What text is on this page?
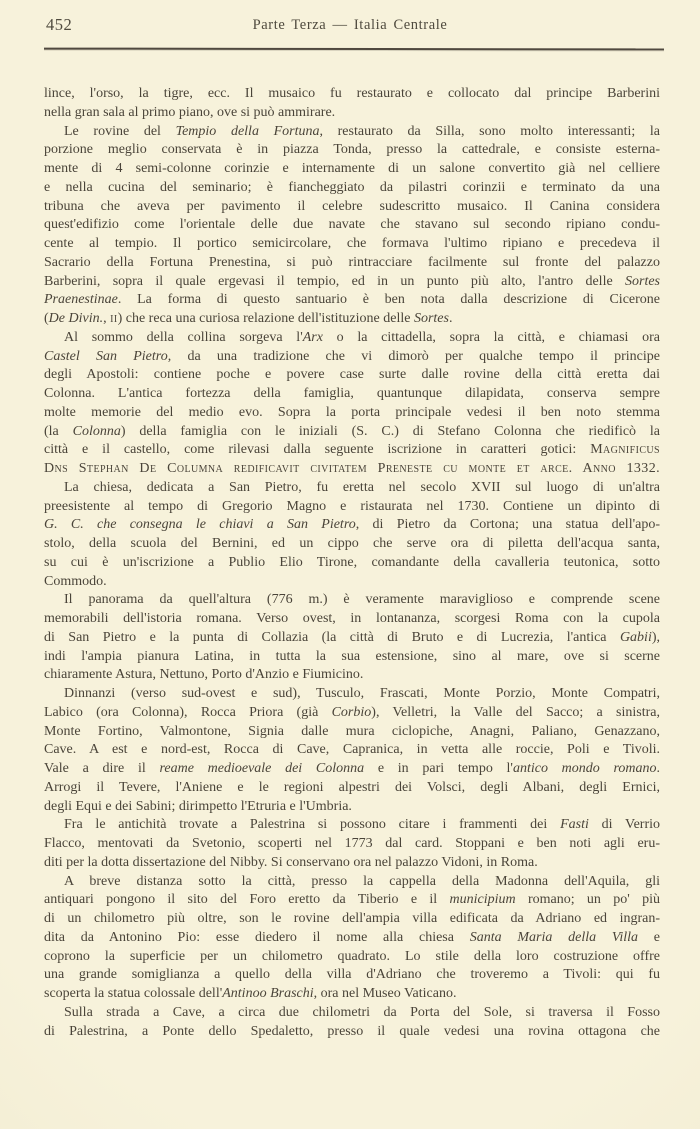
452	Parte Terza — Italia Centrale
lince, l'orso, la tigre, ecc. Il musaico fu restaurato e collocato dal principe Barberini
nella gran sala al primo piano, ove si può ammirare.
Le rovine del Tempio della Fortuna, restaurato da Silla, sono molto interessanti; la
porzione meglio conservata è in piazza Tonda, presso la cattedrale, e consiste esterna-
mente di 4 semi-colonne corinzie e internamente di un salone convertito già nel celliere
e nella cucina del seminario; è fiancheggiato da pilastri corinzii e terminato da una
tribuna che aveva per pavimento il celebre sudescritto musaico. Il Canina considera
quest'edifizio come l'orientale delle due navate che stavano sul secondo ripiano condu-
cente al tempio. Il portico semicircolare, che formava l'ultimo ripiano e precedeva il
Sacrario della Fortuna Prenestina, si può rintracciare facilmente sul fronte del palazzo
Barberini, sopra il quale ergevasi il tempio, ed in un punto più alto, l'antro delle Sortes
Praenestinae. La forma di questo santuario è ben nota dalla descrizione di Cicerone
(De Divin., ii) che reca una curiosa relazione dell'istituzione delle Sortes.
Al sommo della collina sorgeva l'Arx o la cittadella, sopra la città, e chiamasi ora
Castel San Pietro, da una tradizione che vi dimorò per qualche tempo il principe
degli Apostoli: contiene poche e povere case surte dalle rovine della città eretta dai
Colonna. L'antica fortezza della famiglia, quantunque dilapidata, conserva sempre
molte memorie del medio evo. Sopra la porta principale vedesi il ben noto stemma
(la Colonna) della famiglia con le iniziali (S. C.) di Stefano Colonna che riedificò la
città e il castello, come rilevasi dalla seguente iscrizione in caratteri gotici: Magnificus
Dns Stephan De Columna redificavit civitatem Preneste cu monte et arce. Anno 1332.
La chiesa, dedicata a San Pietro, fu eretta nel secolo XVII sul luogo di un'altra
preesistente al tempo di Gregorio Magno e ristaurata nel 1730. Contiene un dipinto di
G. C. che consegna le chiavi a San Pietro, di Pietro da Cortona; una statua dell'apo-
stolo, della scuola del Bernini, ed un cippo che serve ora di piletta dell'acqua santa,
su cui è un'iscrizione a Publio Elio Tirone, comandante della cavalleria teutonica, sotto
Commodo.
Il panorama da quell'altura (776 m.) è veramente maraviglioso e comprende scene
memorabili dell'istoria romana. Verso ovest, in lontananza, scorgesi Roma con la cupola
di San Pietro e la punta di Collazia (la città di Bruto e di Lucrezia, l'antica Gabii),
indi l'ampia pianura Latina, in tutta la sua estensione, sino al mare, ove si scerne
chiaramente Astura, Nettuno, Porto d'Anzio e Fiumicino.
Dinnanzi (verso sud-ovest e sud), Tusculo, Frascati, Monte Porzio, Monte Compatri,
Labico (ora Colonna), Rocca Priora (già Corbio), Velletri, la Valle del Sacco; a sinistra,
Monte Fortino, Valmontone, Signia dalle mura ciclopiche, Anagni, Paliano, Genazzano,
Cave. A est e nord-est, Rocca di Cave, Capranica, in vetta alle roccie, Poli e Tivoli.
Vale a dire il reame medioevale dei Colonna e in pari tempo l'antico mondo romano.
Arrogi il Tevere, l'Aniene e le regioni alpestri dei Volsci, degli Albani, degli Ernici,
degli Equi e dei Sabini; dirimpetto l'Etruria e l'Umbria.
Fra le antichità trovate a Palestrina si possono citare i frammenti dei Fasti di Verrio
Flacco, mentovati da Svetonio, scoperti nel 1773 dal card. Stoppani e ben noti agli eru-
diti per la dotta dissertazione del Nibby. Si conservano ora nel palazzo Vidoni, in Roma.
A breve distanza sotto la città, presso la cappella della Madonna dell'Aquila, gli
antiquari pongono il sito del Foro eretto da Tiberio e il municipium romano; un po' più
di un chilometro più oltre, son le rovine dell'ampia villa edificata da Adriano ed ingran-
dita da Antonino Pio: esse diedero il nome alla chiesa Santa Maria della Villa e
coprono la superficie per un chilometro quadrato. Lo stile della loro costruzione offre
una grande somiglianza a quello della villa d'Adriano che troveremo a Tivoli: qui fu
scoperta la statua colossale dell'Antinoo Braschi, ora nel Museo Vaticano.
Sulla strada a Cave, a circa due chilometri da Porta del Sole, si traversa il Fosso
di Palestrina, a Ponte dello Spedaletto, presso il quale vedesi una rovina ottagona che
